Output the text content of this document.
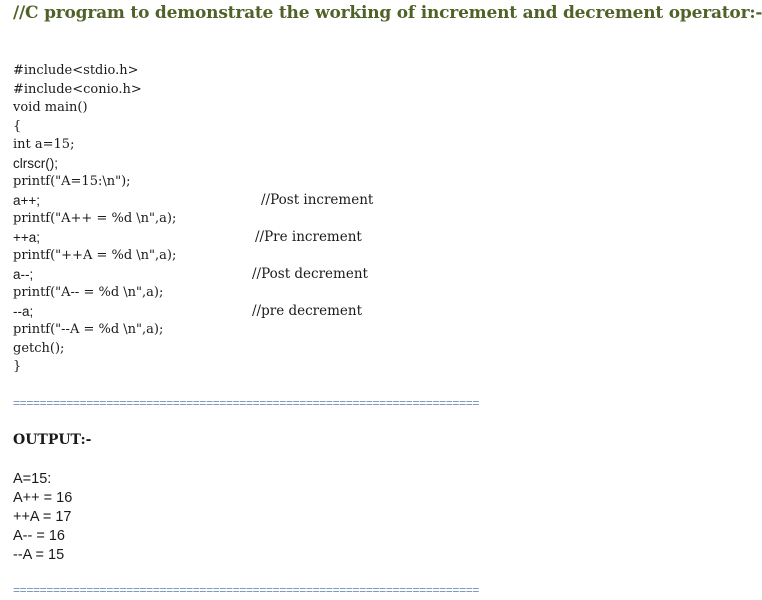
//C program to demonstrate the working of increment and decrement operator:-
#include<stdio.h>
#include<conio.h>
void main()
{
int a=15;
clrscr();
printf("A=15:\n");
a++;
printf("A++ = %d \n",a);
++a;
printf("++A = %d \n",a);
a--;
printf("A-- = %d \n",a);
--a;
printf("--A = %d \n",a);
getch();
}
//Post increment
//Pre increment
//Post decrement
//pre decrement
======================================================================
OUTPUT:-
A=15:
A++ = 16
++A = 17
A-- = 16
--A = 15
======================================================================
